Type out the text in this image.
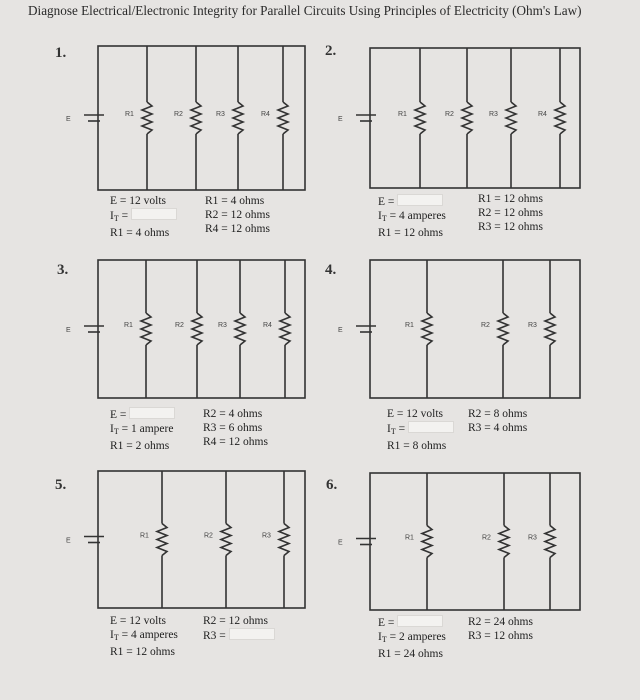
Diagnose Electrical/Electronic Integrity for Parallel Circuits Using Principles of Electricity (Ohm's Law)
E
R1	R2	R3	R4
E
R1	R2	R3	R4
E
R1	R2	R3	R4
E
R1	R2	R3
E
R1	R2	R3
E
R1	R2	R3
1.
E = 12 volts
$I_T$ =
R1 = 4 ohms
R1 = 4 ohms
R2 = 12 ohms
R4 = 12 ohms
2.
E =
$I_T = 4$ amperes
R1 = 12 ohms
R1 = 12 ohms
R2 = 12 ohms
R3 = 12 ohms
3.
E =
$I_T = 1$ ampere
R1 = 2 ohms
R2 = 4 ohms
R3 = 6 ohms
R4 = 12 ohms
4.
E = 12 volts
$I_T$ =
R1 = 8 ohms
R2 = 8 ohms
R3 = 4 ohms
5.
E = 12 volts
$I_T = 4$ amperes
R1 = 12 ohms
R2 = 12 ohms
R3 =
6.
E =
$I_T = 2$ amperes
R1 = 24 ohms
R2 = 24 ohms
R3 = 12 ohms
